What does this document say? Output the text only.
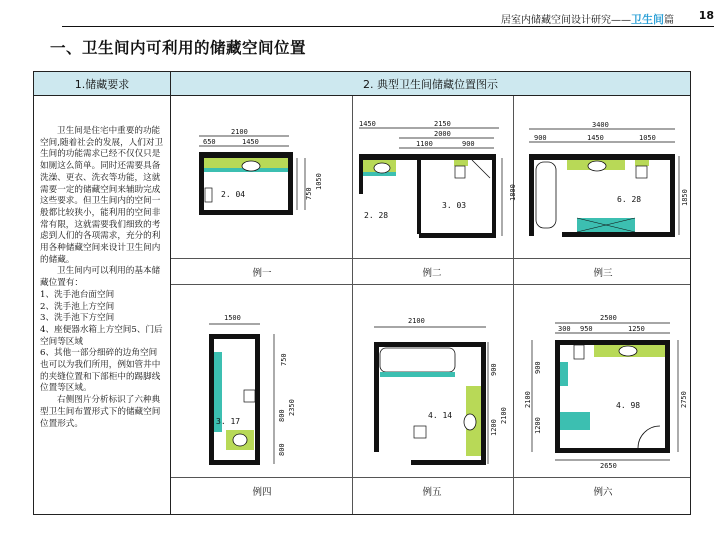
居室内储藏空间设计研究——卫生间篇 18
一、卫生间内可利用的储藏空间位置
1.储藏要求	2. 典型卫生间储藏位置图示

卫生间是住宅中重要的功能空间,随着社会的发展，人们对卫生间的功能需求已经不仅仅只是如厕这么简单。同时还需要具备洗澡、更衣、洗衣等功能，这就需要一定的储藏空间来辅助完成这些要求。但卫生间内的空间一般都比较狭小，能利用的空间非常有限，这就需要我们细致的考虑到人们的各项需求，充分的利用各种储藏空间来设计卫生间内的储藏。

卫生间内可以利用的基本储藏位置有：

1、洗手池台面空间

2、洗手池上方空间

3、洗手池下方空间

4、座便器水箱上方空间5、门后空间等区域

6、其他一部分细碎的边角空间也可以为我们所用，例如管井中的夹缝位置和下部柜中的踢脚线位置等区域。

右侧图片分析标识了六种典型卫生间布置形式下的储藏空间位置形式。

例一	例二	例三
例四	例五	例六
2100
650	1450
750
1050
2. 04
1450	2150
2000
1100	900
1800
2. 28
3. 03
3400
900	1450	1050
1850
6. 28
1500
750
800
800
2350
3. 17
2100
900
1200
2100
4. 14
2500
300 950	1250
900
1200
2100	2750
2650
4. 98
